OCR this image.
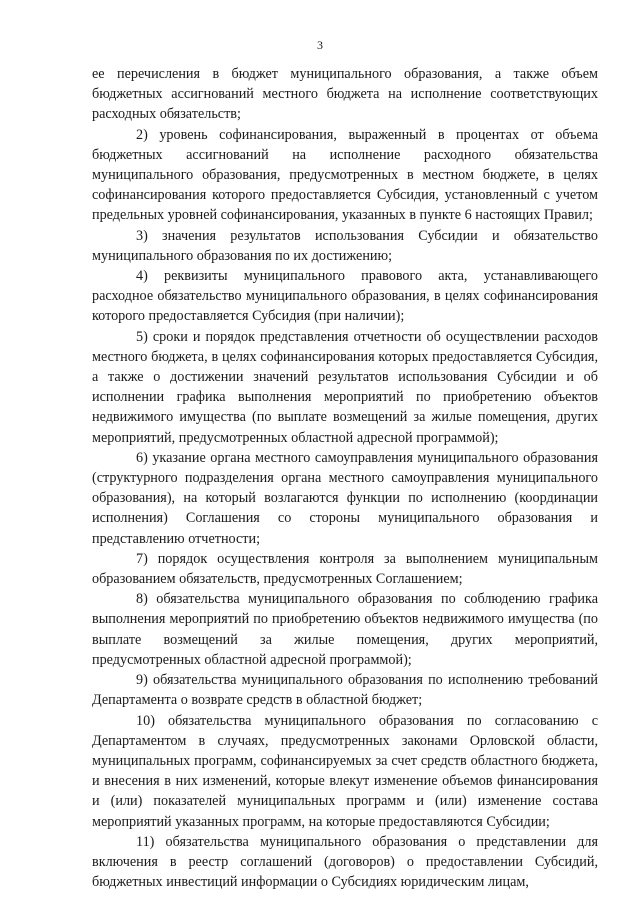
3

ее перечисления в бюджет муниципального образования, а также объем бюджетных ассигнований местного бюджета на исполнение соответствующих расходных обязательств;

2) уровень софинансирования, выраженный в процентах от объема бюджетных ассигнований на исполнение расходного обязательства муниципального образования, предусмотренных в местном бюджете, в целях софинансирования которого предоставляется Субсидия, установленный с учетом предельных уровней софинансирования, указанных в пункте 6 настоящих Правил;

3) значения результатов использования Субсидии и обязательство муниципального образования по их достижению;

4) реквизиты муниципального правового акта, устанавливающего расходное обязательство муниципального образования, в целях софинансирования которого предоставляется Субсидия (при наличии);

5) сроки и порядок представления отчетности об осуществлении расходов местного бюджета, в целях софинансирования которых предоставляется Субсидия, а также о достижении значений результатов использования Субсидии и об исполнении графика выполнения мероприятий по приобретению объектов недвижимого имущества (по выплате возмещений за жилые помещения, других мероприятий, предусмотренных областной адресной программой);

6) указание органа местного самоуправления муниципального образования (структурного подразделения органа местного самоуправления муниципального образования), на который возлагаются функции по исполнению (координации исполнения) Соглашения со стороны муниципального образования и представлению отчетности;

7) порядок осуществления контроля за выполнением муниципальным образованием обязательств, предусмотренных Соглашением;

8) обязательства муниципального образования по соблюдению графика выполнения мероприятий по приобретению объектов недвижимого имущества (по выплате возмещений за жилые помещения, других мероприятий, предусмотренных областной адресной программой);

9) обязательства муниципального образования по исполнению требований Департамента о возврате средств в областной бюджет;

10) обязательства муниципального образования по согласованию с Департаментом в случаях, предусмотренных законами Орловской области, муниципальных программ, софинансируемых за счет средств областного бюджета, и внесения в них изменений, которые влекут изменение объемов финансирования и (или) показателей муниципальных программ и (или) изменение состава мероприятий указанных программ, на которые предоставляются Субсидии;

11) обязательства муниципального образования о представлении для включения в реестр соглашений (договоров) о предоставлении Субсидий, бюджетных инвестиций информации о Субсидиях юридическим лицам,
